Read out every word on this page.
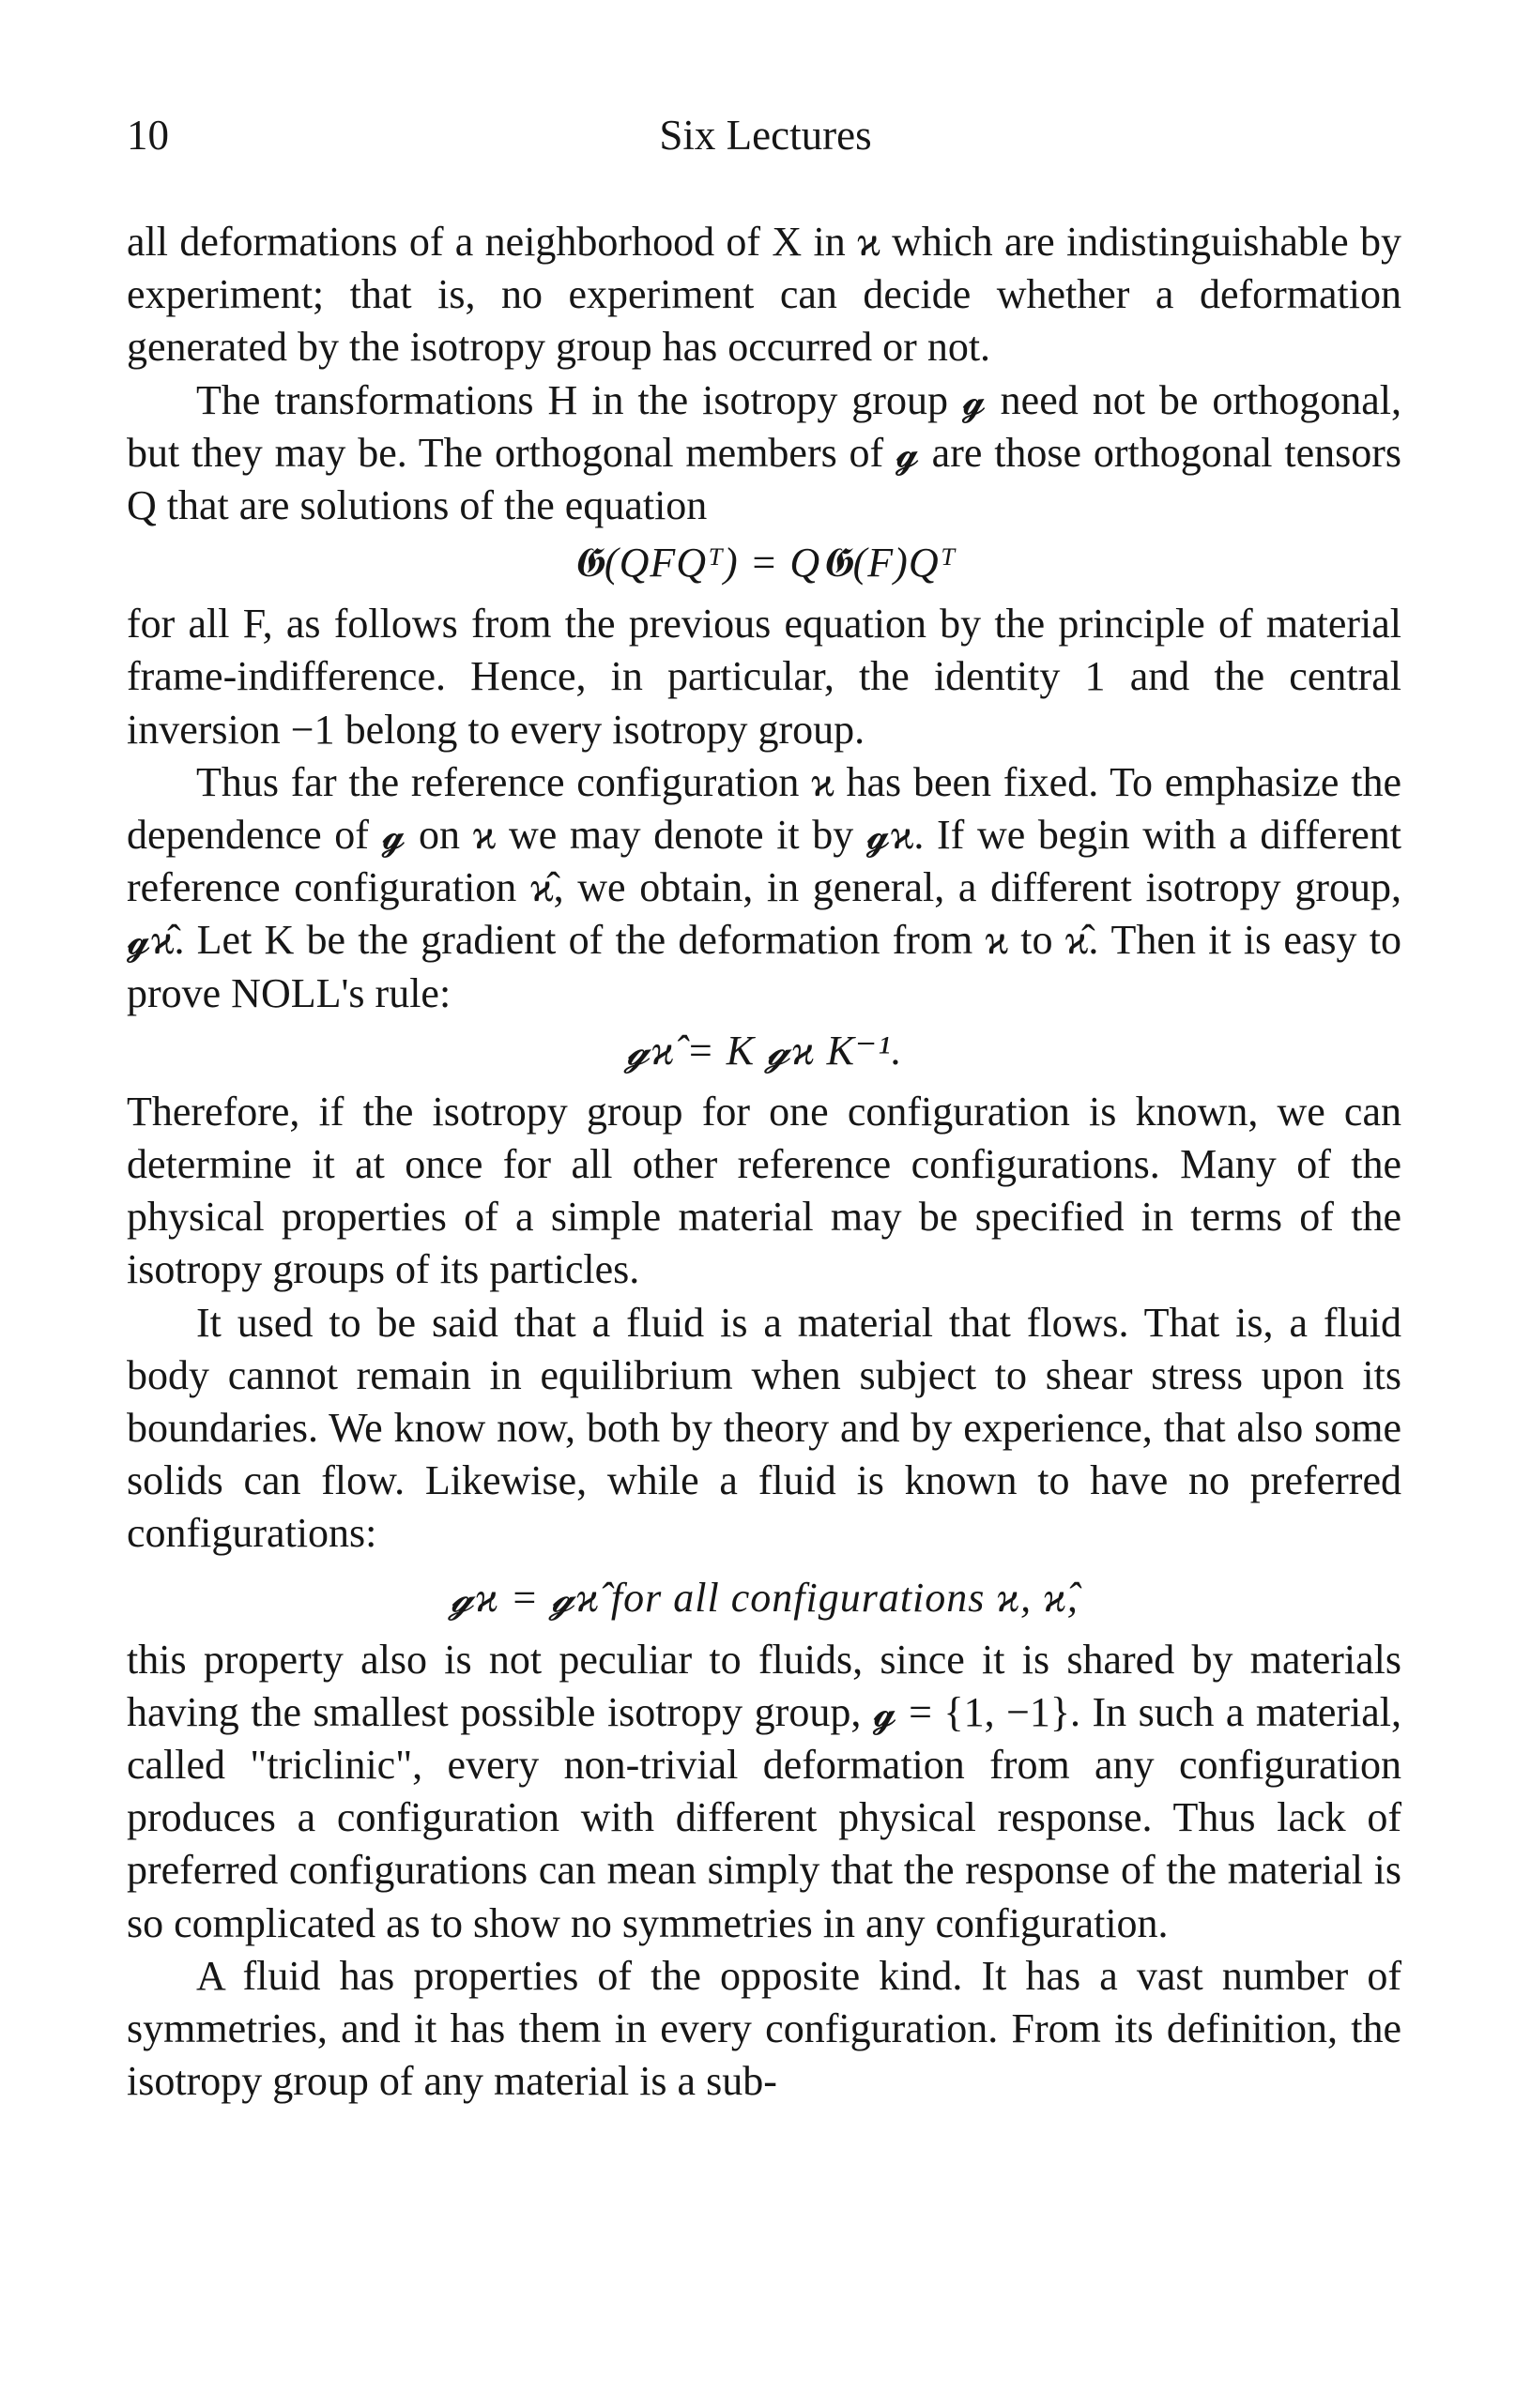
10	Six Lectures

all deformations of a neighborhood of X in ϰ which are indistinguishable by experiment; that is, no experiment can decide whether a deformation generated by the isotropy group has occurred or not.

The transformations H in the isotropy group 𝓰 need not be orthogonal, but they may be. The orthogonal members of 𝓰 are those orthogonal tensors Q that are solutions of the equation

𝕲(QFQᵀ) = Q𝕲(F)Qᵀ

for all F, as follows from the previous equation by the principle of material frame-indifference. Hence, in particular, the identity 1 and the central inversion −1 belong to every isotropy group.

Thus far the reference configuration ϰ has been fixed. To emphasize the dependence of 𝓰 on ϰ we may denote it by 𝓰ϰ. If we begin with a different reference configuration ϰ̂, we obtain, in general, a different isotropy group, 𝓰ϰ̂. Let K be the gradient of the deformation from ϰ to ϰ̂. Then it is easy to prove NOLL's rule:

𝓰ϰ̂ = K 𝓰ϰ K⁻¹.

Therefore, if the isotropy group for one configuration is known, we can determine it at once for all other reference configurations. Many of the physical properties of a simple material may be specified in terms of the isotropy groups of its particles.

It used to be said that a fluid is a material that flows. That is, a fluid body cannot remain in equilibrium when subject to shear stress upon its boundaries. We know now, both by theory and by experience, that also some solids can flow. Likewise, while a fluid is known to have no preferred configurations:

𝓰ϰ = 𝓰ϰ̂ for all configurations ϰ, ϰ̂,

this property also is not peculiar to fluids, since it is shared by materials having the smallest possible isotropy group, 𝓰 = {1, −1}. In such a material, called "triclinic", every non-trivial deformation from any configuration produces a configuration with different physical response. Thus lack of preferred configurations can mean simply that the response of the material is so complicated as to show no symmetries in any configuration.

A fluid has properties of the opposite kind. It has a vast number of symmetries, and it has them in every configuration. From its definition, the isotropy group of any material is a sub-
